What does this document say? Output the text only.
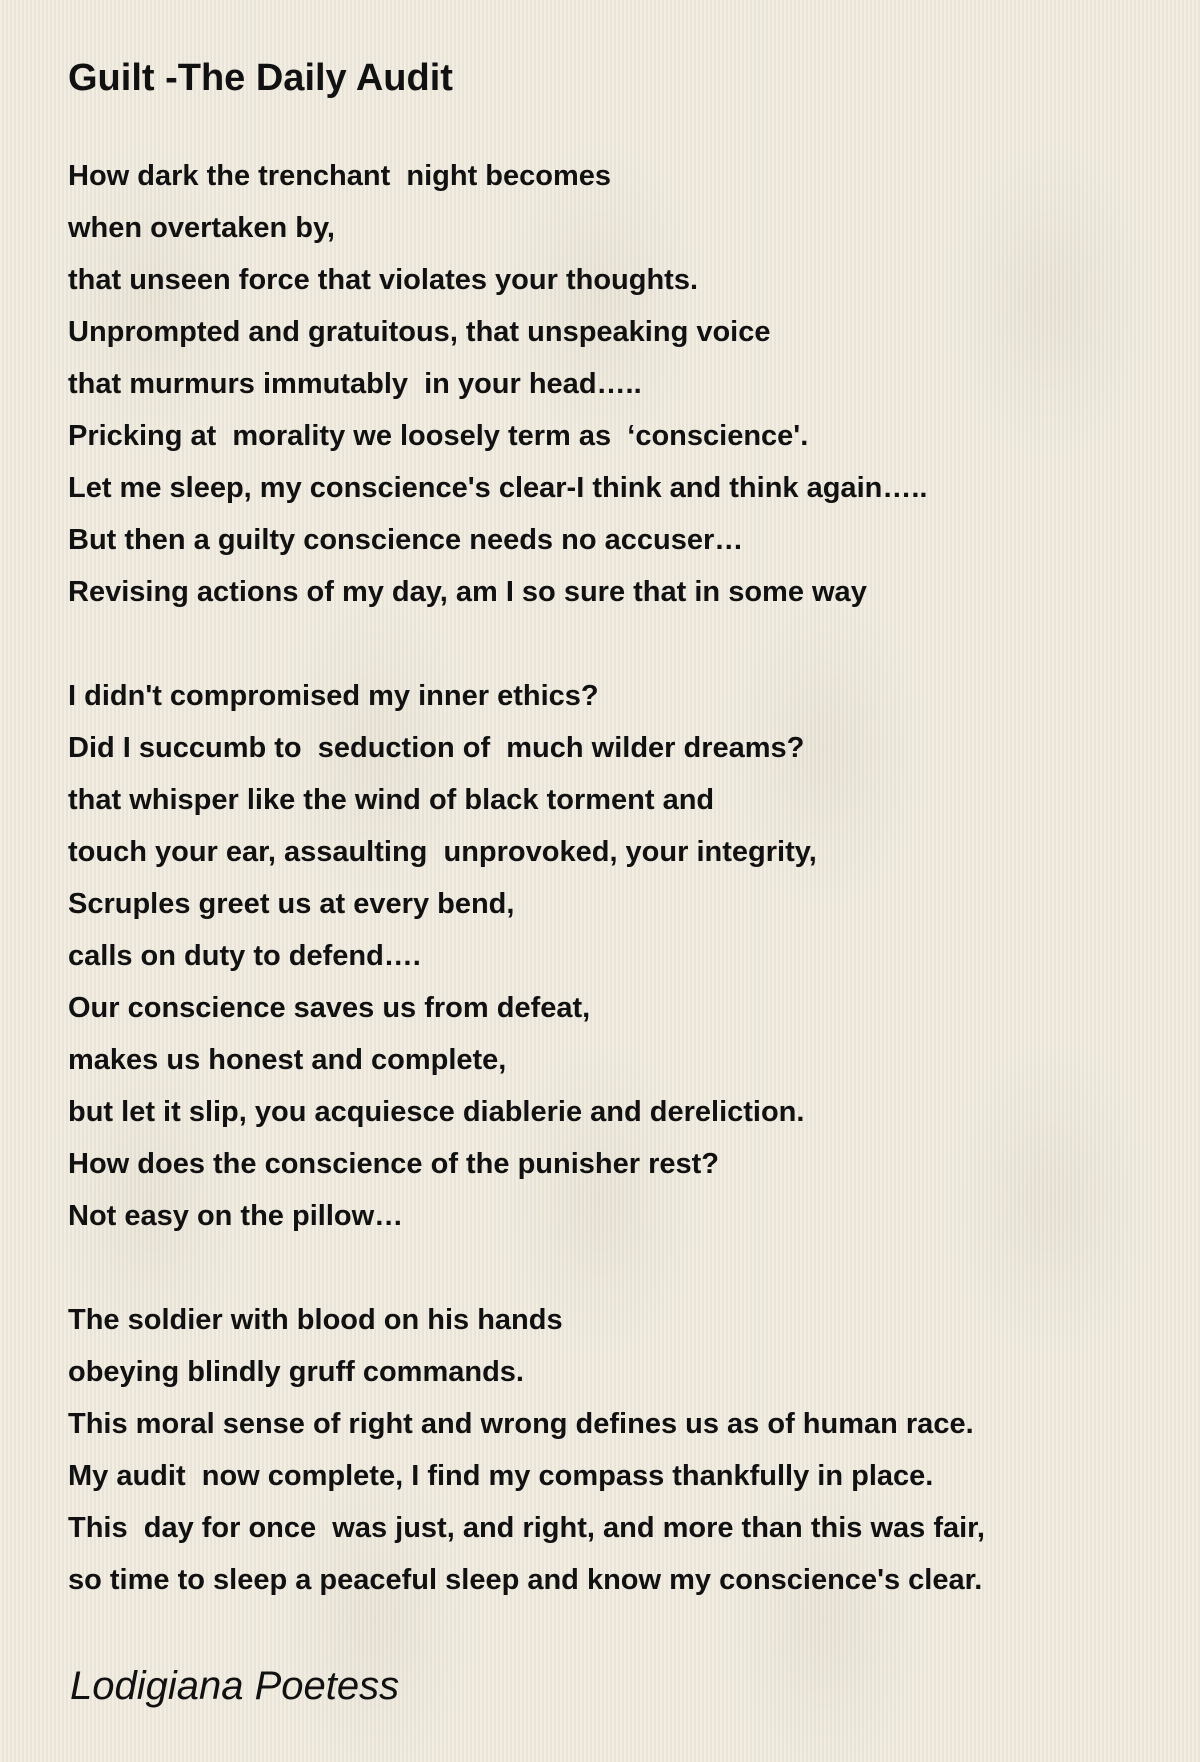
Guilt -The Daily Audit
How dark the trenchant  night becomes
when overtaken by,
that unseen force that violates your thoughts.
Unprompted and gratuitous, that unspeaking voice
that murmurs immutably  in your head…..
Pricking at  morality we loosely term as  ‘conscience'.
Let me sleep, my conscience's clear-I think and think again…..
But then a guilty conscience needs no accuser…
Revising actions of my day, am I so sure that in some way
I didn't compromised my inner ethics?
Did I succumb to  seduction of  much wilder dreams?
that whisper like the wind of black torment and
touch your ear, assaulting  unprovoked, your integrity,
Scruples greet us at every bend,
calls on duty to defend….
Our conscience saves us from defeat,
makes us honest and complete,
but let it slip, you acquiesce diablerie and dereliction.
How does the conscience of the punisher rest?
Not easy on the pillow…
The soldier with blood on his hands
obeying blindly gruff commands.
This moral sense of right and wrong defines us as of human race.
My audit  now complete, I find my compass thankfully in place.
This  day for once  was just, and right, and more than this was fair,
so time to sleep a peaceful sleep and know my conscience's clear.
Lodigiana Poetess
